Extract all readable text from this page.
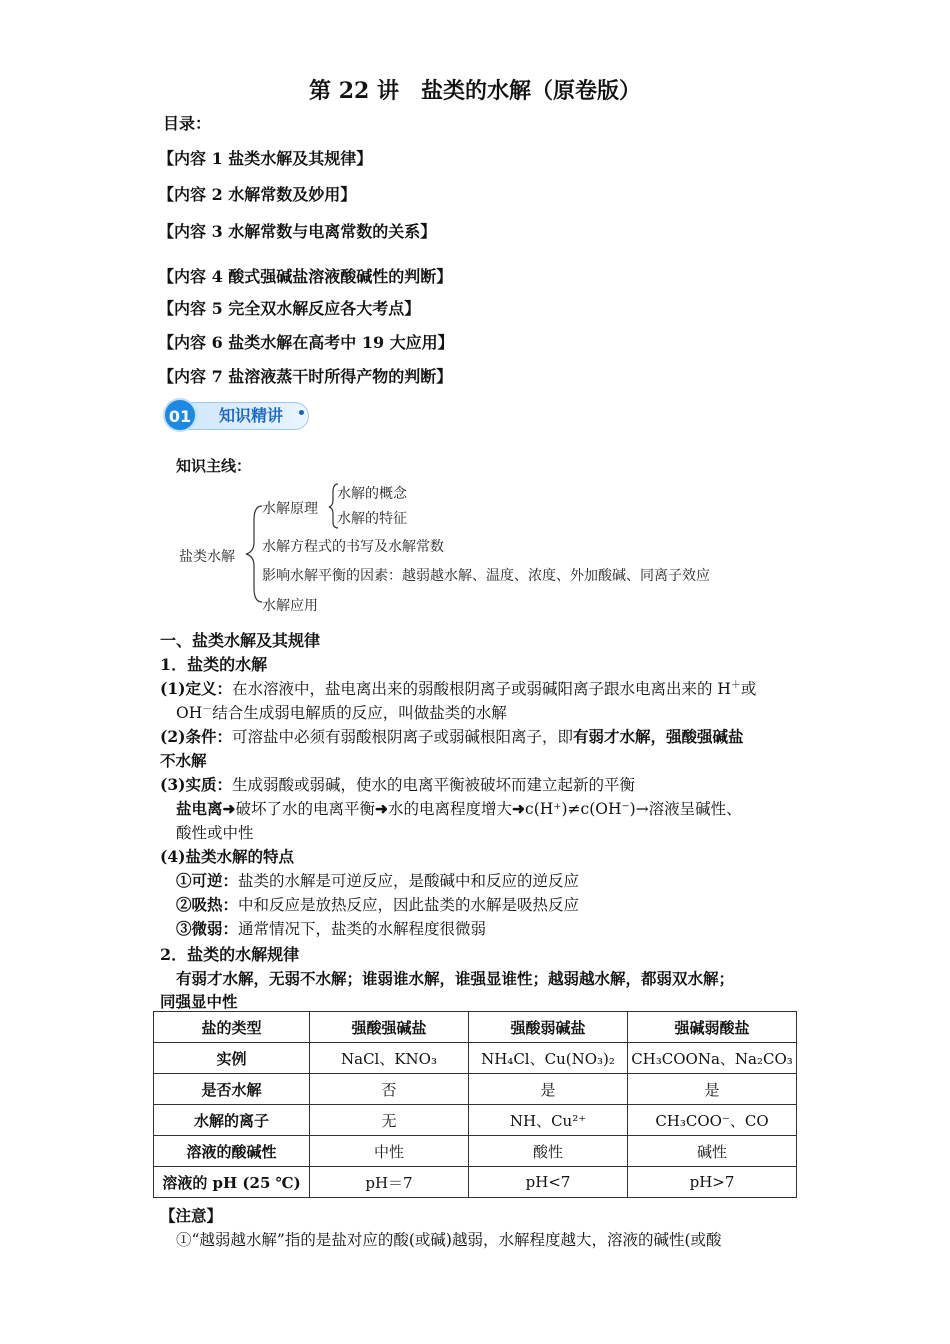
第 22 讲　盐类的水解（原卷版）
目录：
【内容 1 盐类水解及其规律】
【内容 2 水解常数及妙用】
【内容 3 水解常数与电离常数的关系】
【内容 4 酸式强碱盐溶液酸碱性的判断】
【内容 5 完全双水解反应各大考点】
【内容 6 盐类水解在高考中 19 大应用】
【内容 7 盐溶液蒸干时所得产物的判断】
01	知识精讲
知识主线：
盐类水解
水解原理
水解的概念
水解的特征
水解方程式的书写及水解常数
影响水解平衡的因素：越弱越水解、温度、浓度、外加酸碱、同离子效应
水解应用
一、盐类水解及其规律
1．盐类的水解
(1)定义：在水溶液中，盐电离出来的弱酸根阴离子或弱碱阳离子跟水电离出来的 H＋或
OH－结合生成弱电解质的反应，叫做盐类的水解
(2)条件：可溶盐中必须有弱酸根阴离子或弱碱根阳离子，即有弱才水解，强酸强碱盐
不水解
(3)实质：生成弱酸或弱碱，使水的电离平衡被破坏而建立起新的平衡
盐电离➜破坏了水的电离平衡➜水的电离程度增大➜c(H⁺)≠c(OH⁻)→溶液呈碱性、
酸性或中性
(4)盐类水解的特点
①可逆：盐类的水解是可逆反应，是酸碱中和反应的逆反应
②吸热：中和反应是放热反应，因此盐类的水解是吸热反应
③微弱：通常情况下，盐类的水解程度很微弱
2．盐类的水解规律
有弱才水解，无弱不水解；谁弱谁水解，谁强显谁性；越弱越水解，都弱双水解；
同强显中性
盐的类型	强酸强碱盐	强酸弱碱盐	强碱弱酸盐
实例	NaCl、KNO₃	NH₄Cl、Cu(NO₃)₂	CH₃COONa、Na₂CO₃
是否水解	否	是	是
水解的离子	无	NH、Cu²⁺	CH₃COO⁻、CO
溶液的酸碱性	中性	酸性	碱性
溶液的 pH (25 ℃)	pH＝7	pH<7	pH>7
【注意】
①“越弱越水解”指的是盐对应的酸(或碱)越弱，水解程度越大，溶液的碱性(或酸
